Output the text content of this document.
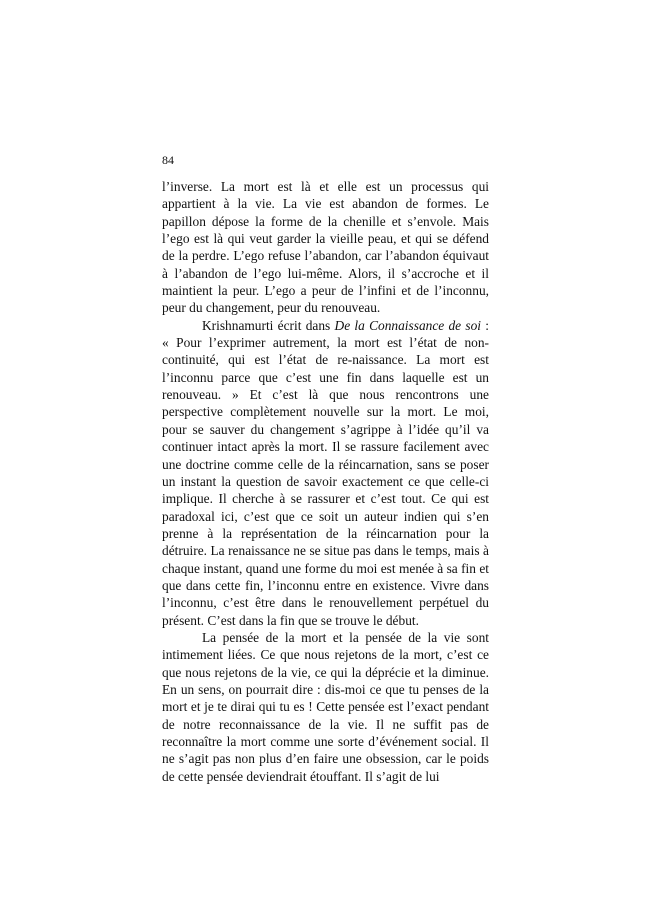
84

l’inverse. La mort est là et elle est un processus qui appartient à la vie. La vie est abandon de formes. Le papillon dépose la forme de la chenille et s’envole. Mais l’ego est là qui veut garder la vieille peau, et qui se défend de la perdre. L’ego refuse l’abandon, car l’abandon équivaut à l’abandon de l’ego lui-même. Alors, il s’accroche et il maintient la peur. L’ego a peur de l’infini et de l’inconnu, peur du changement, peur du renouveau.

Krishnamurti écrit dans De la Connaissance de soi : « Pour l’exprimer autrement, la mort est l’état de non-continuité, qui est l’état de re-naissance. La mort est l’inconnu parce que c’est une fin dans laquelle est un renouveau. » Et c’est là que nous rencontrons une perspective complètement nouvelle sur la mort. Le moi, pour se sauver du changement s’agrippe à l’idée qu’il va continuer intact après la mort. Il se rassure facilement avec une doctrine comme celle de la réincarnation, sans se poser un instant la question de savoir exactement ce que celle-ci implique. Il cherche à se rassurer et c’est tout. Ce qui est paradoxal ici, c’est que ce soit un auteur indien qui s’en prenne à la représentation de la réincarnation pour la détruire. La renaissance ne se situe pas dans le temps, mais à chaque instant, quand une forme du moi est menée à sa fin et que dans cette fin, l’inconnu entre en existence. Vivre dans l’inconnu, c’est être dans le renouvellement perpétuel du présent. C’est dans la fin que se trouve le début.

La pensée de la mort et la pensée de la vie sont intimement liées. Ce que nous rejetons de la mort, c’est ce que nous rejetons de la vie, ce qui la déprécie et la diminue. En un sens, on pourrait dire : dis-moi ce que tu penses de la mort et je te dirai qui tu es ! Cette pensée est l’exact pendant de notre reconnaissance de la vie. Il ne suffit pas de reconnaître la mort comme une sorte d’événement social. Il ne s’agit pas non plus d’en faire une obsession, car le poids de cette pensée deviendrait étouffant. Il s’agit de lui
